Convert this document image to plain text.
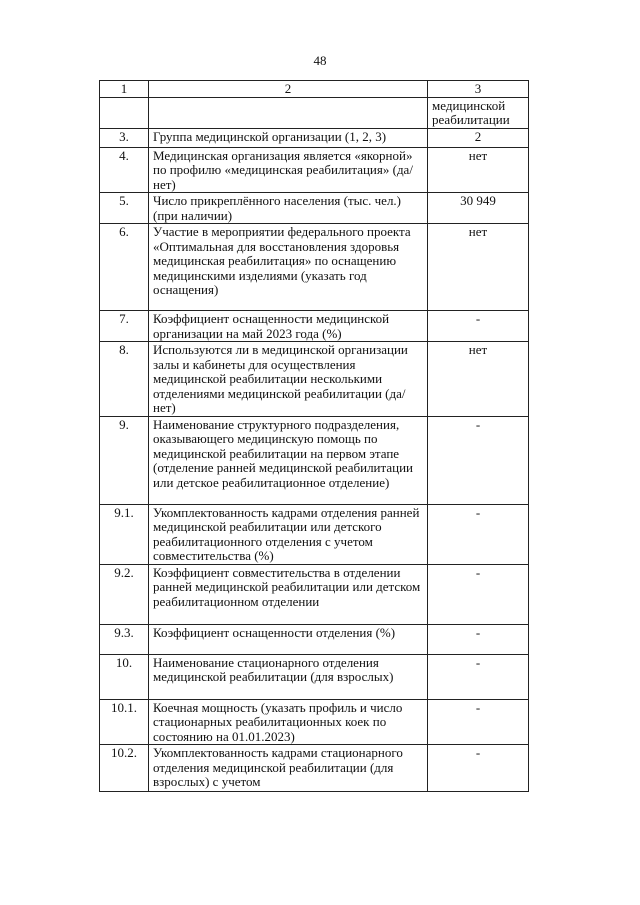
48
1	2	3
		медицинской реабилитации
3.	Группа медицинской организации (1, 2, 3)	2
4.	Медицинская организация является «якорной» по профилю «медицинская реабилитация» (да/нет)	нет
5.	Число прикреплённого населения (тыс. чел.) (при наличии)	30 949
6.	Участие в мероприятии федерального проекта «Оптимальная для восстановления здоровья медицинская реабилитация» по оснащению медицинскими изделиями (указать год оснащения)	нет
7.	Коэффициент оснащенности медицинской организации на май 2023 года (%)	-
8.	Используются ли в медицинской организации залы и кабинеты для осуществления медицинской реабилитации несколькими отделениями медицинской реабилитации (да/нет)	нет
9.	Наименование структурного подразделения, оказывающего медицинскую помощь по медицинской реабилитации на первом этапе (отделение ранней медицинской реабилитации или детское реабилитационное отделение)	-
9.1.	Укомплектованность кадрами отделения ранней медицинской реабилитации или детского реабилитационного отделения с учетом совместительства (%)	-
9.2.	Коэффициент совместительства в отделении ранней медицинской реабилитации или детском реабилитационном отделении	-
9.3.	Коэффициент оснащенности отделения (%)	-
10.	Наименование стационарного отделения медицинской реабилитации (для взрослых)	-
10.1.	Коечная мощность (указать профиль и число стационарных реабилитационных коек по состоянию на 01.01.2023)	-
10.2.	Укомплектованность кадрами стационарного отделения медицинской реабилитации (для взрослых) с учетом	-
